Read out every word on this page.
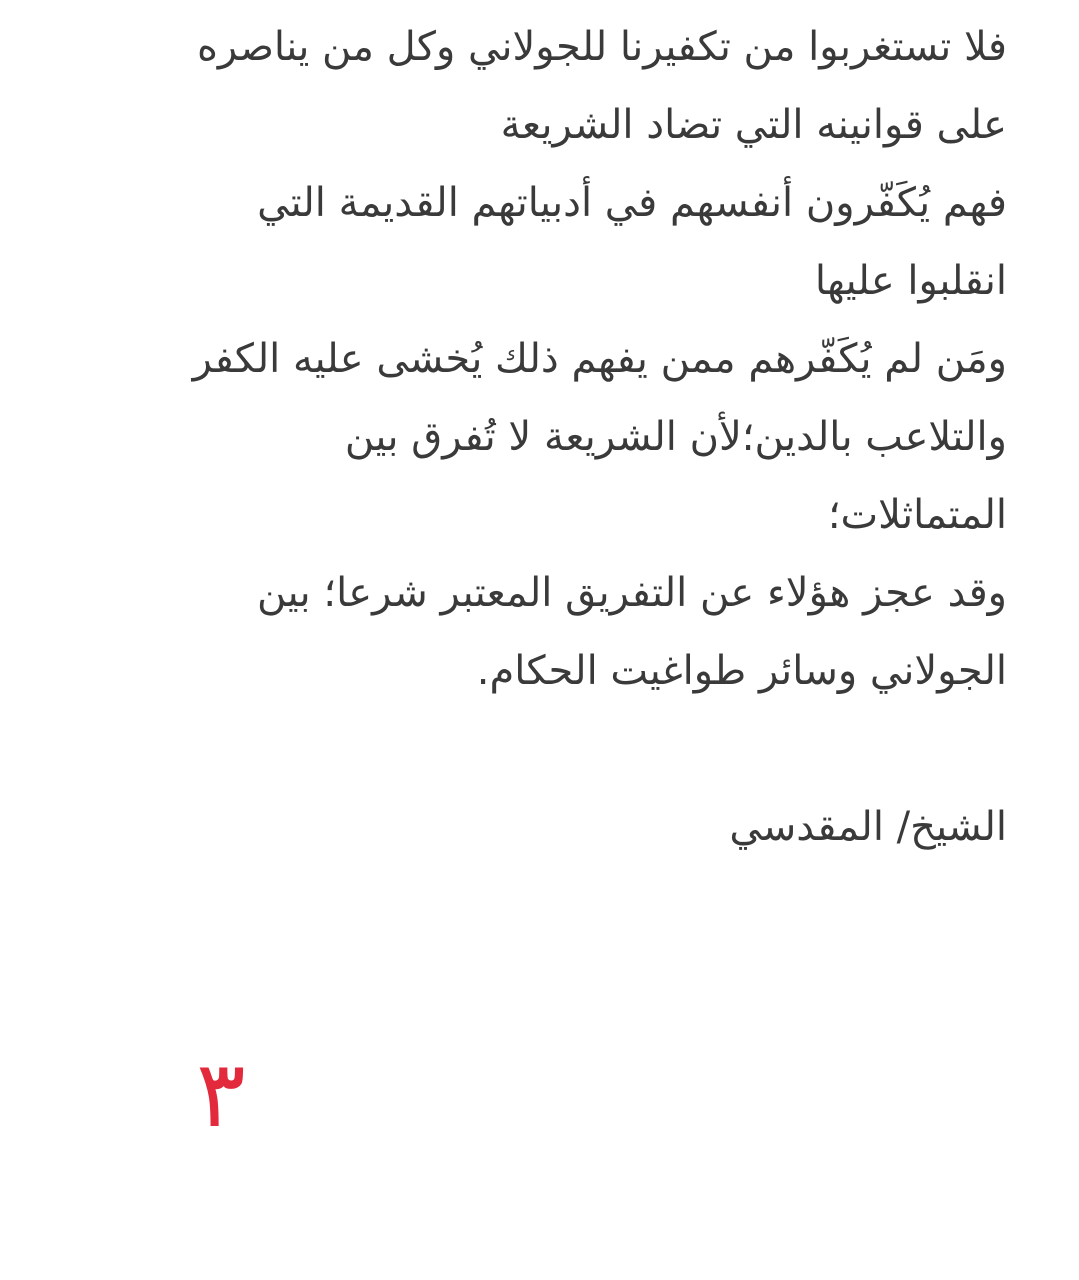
فلا تستغربوا من تكفيرنا للجولاني وكل من يناصره
على قوانينه التي تضاد الشريعة
فهم يُكَفّرون أنفسهم في أدبياتهم القديمة التي
انقلبوا عليها
ومَن لم يُكَفّرهم ممن يفهم ذلك يُخشى عليه الكفر
والتلاعب بالدين؛لأن الشريعة لا تُفرق بين
المتماثلات؛
وقد عجز هؤلاء عن التفريق المعتبر شرعا؛ بين
الجولاني وسائر طواغيت الحكام.
الشيخ/ المقدسي
٣
